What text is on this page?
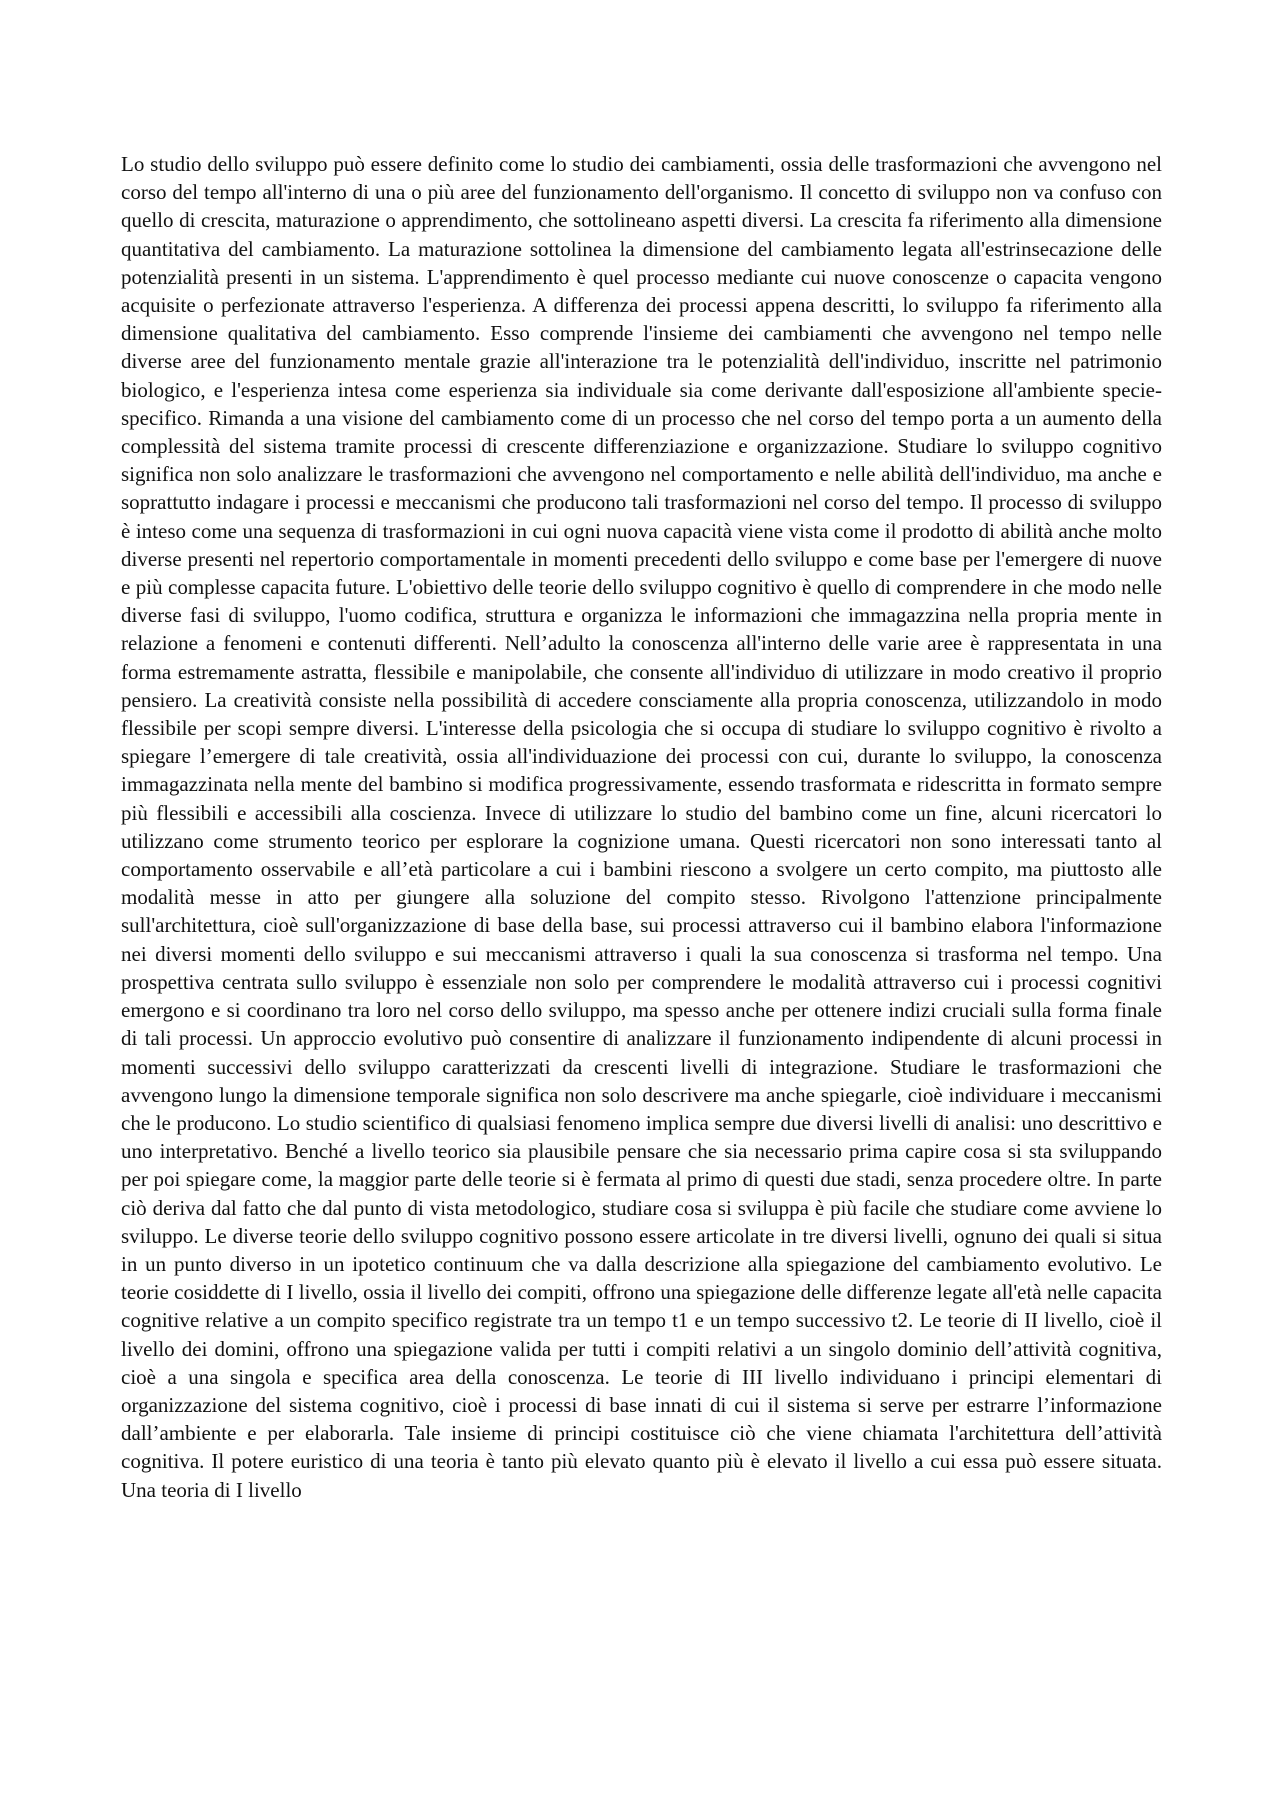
Lo studio dello sviluppo può essere definito come lo studio dei cambiamenti, ossia delle trasformazioni che avvengono nel corso del tempo all'interno di una o più aree del funzionamento dell'organismo. Il concetto di sviluppo non va confuso con quello di crescita, maturazione o apprendimento, che sottolineano aspetti diversi. La crescita fa riferimento alla dimensione quantitativa del cambiamento. La maturazione sottolinea la dimensione del cambiamento legata all'estrinsecazione delle potenzialità presenti in un sistema. L'apprendimento è quel processo mediante cui nuove conoscenze o capacita vengono acquisite o perfezionate attraverso l'esperienza. A differenza dei processi appena descritti, lo sviluppo fa riferimento alla dimensione qualitativa del cambiamento. Esso comprende l'insieme dei cambiamenti che avvengono nel tempo nelle diverse aree del funzionamento mentale grazie all'interazione tra le potenzialità dell'individuo, inscritte nel patrimonio biologico, e l'esperienza intesa come esperienza sia individuale sia come derivante dall'esposizione all'ambiente specie-specifico. Rimanda a una visione del cambiamento come di un processo che nel corso del tempo porta a un aumento della complessità del sistema tramite processi di crescente differenziazione e organizzazione. Studiare lo sviluppo cognitivo significa non solo analizzare le trasformazioni che avvengono nel comportamento e nelle abilità dell'individuo, ma anche e soprattutto indagare i processi e meccanismi che producono tali trasformazioni nel corso del tempo. Il processo di sviluppo è inteso come una sequenza di trasformazioni in cui ogni nuova capacità viene vista come il prodotto di abilità anche molto diverse presenti nel repertorio comportamentale in momenti precedenti dello sviluppo e come base per l'emergere di nuove e più complesse capacita future. L'obiettivo delle teorie dello sviluppo cognitivo è quello di comprendere in che modo nelle diverse fasi di sviluppo, l'uomo codifica, struttura e organizza le informazioni che immagazzina nella propria mente in relazione a fenomeni e contenuti differenti. Nell’adulto la conoscenza all'interno delle varie aree è rappresentata in una forma estremamente astratta, flessibile e manipolabile, che consente all'individuo di utilizzare in modo creativo il proprio pensiero. La creatività consiste nella possibilità di accedere consciamente alla propria conoscenza, utilizzandolo in modo flessibile per scopi sempre diversi. L'interesse della psicologia che si occupa di studiare lo sviluppo cognitivo è rivolto a spiegare l’emergere di tale creatività, ossia all'individuazione dei processi con cui, durante lo sviluppo, la conoscenza immagazzinata nella mente del bambino si modifica progressivamente, essendo trasformata e ridescritta in formato sempre più flessibili e accessibili alla coscienza. Invece di utilizzare lo studio del bambino come un fine, alcuni ricercatori lo utilizzano come strumento teorico per esplorare la cognizione umana. Questi ricercatori non sono interessati tanto al comportamento osservabile e all’età particolare a cui i bambini riescono a svolgere un certo compito, ma piuttosto alle modalità messe in atto per giungere alla soluzione del compito stesso. Rivolgono l'attenzione principalmente sull'architettura, cioè sull'organizzazione di base della base, sui processi attraverso cui il bambino elabora l'informazione nei diversi momenti dello sviluppo e sui meccanismi attraverso i quali la sua conoscenza si trasforma nel tempo. Una prospettiva centrata sullo sviluppo è essenziale non solo per comprendere le modalità attraverso cui i processi cognitivi emergono e si coordinano tra loro nel corso dello sviluppo, ma spesso anche per ottenere indizi cruciali sulla forma finale di tali processi. Un approccio evolutivo può consentire di analizzare il funzionamento indipendente di alcuni processi in momenti successivi dello sviluppo caratterizzati da crescenti livelli di integrazione. Studiare le trasformazioni che avvengono lungo la dimensione temporale significa non solo descrivere ma anche spiegarle, cioè individuare i meccanismi che le producono. Lo studio scientifico di qualsiasi fenomeno implica sempre due diversi livelli di analisi: uno descrittivo e uno interpretativo. Benché a livello teorico sia plausibile pensare che sia necessario prima capire cosa si sta sviluppando per poi spiegare come, la maggior parte delle teorie si è fermata al primo di questi due stadi, senza procedere oltre. In parte ciò deriva dal fatto che dal punto di vista metodologico, studiare cosa si sviluppa è più facile che studiare come avviene lo sviluppo. Le diverse teorie dello sviluppo cognitivo possono essere articolate in tre diversi livelli, ognuno dei quali si situa in un punto diverso in un ipotetico continuum che va dalla descrizione alla spiegazione del cambiamento evolutivo. Le teorie cosiddette di I livello, ossia il livello dei compiti, offrono una spiegazione delle differenze legate all'età nelle capacita cognitive relative a un compito specifico registrate tra un tempo t1 e un tempo successivo t2. Le teorie di II livello, cioè il livello dei domini, offrono una spiegazione valida per tutti i compiti relativi a un singolo dominio dell’attività cognitiva, cioè a una singola e specifica area della conoscenza. Le teorie di III livello individuano i principi elementari di organizzazione del sistema cognitivo, cioè i processi di base innati di cui il sistema si serve per estrarre l’informazione dall’ambiente e per elaborarla. Tale insieme di principi costituisce ciò che viene chiamata l'architettura dell’attività cognitiva. Il potere euristico di una teoria è tanto più elevato quanto più è elevato il livello a cui essa può essere situata. Una teoria di I livello
